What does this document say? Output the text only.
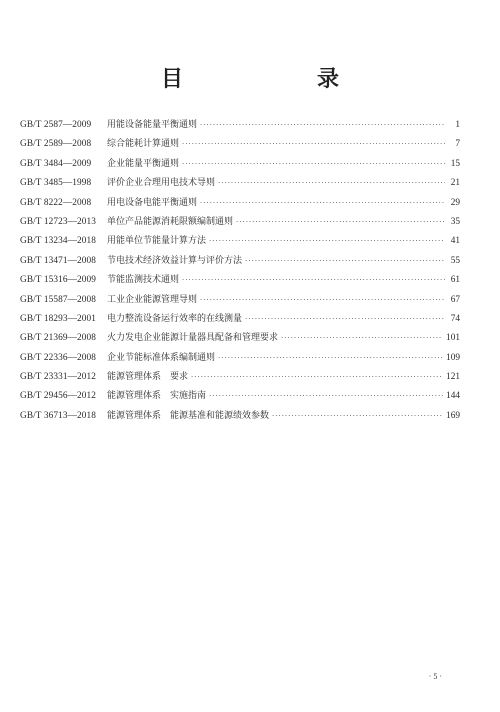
目　　录
GB/T 2587—2009	用能设备能量平衡通则 ·····	1
GB/T 2589—2008	综合能耗计算通则 ·····	7
GB/T 3484—2009	企业能量平衡通则 ·····	15
GB/T 3485—1998	评价企业合理用电技术导则 ·····	21
GB/T 8222—2008	用电设备电能平衡通则 ·····	29
GB/T 12723—2013	单位产品能源消耗限额编制通则 ·····	35
GB/T 13234—2018	用能单位节能量计算方法 ·····	41
GB/T 13471—2008	节电技术经济效益计算与评价方法 ·····	55
GB/T 15316—2009	节能监测技术通则 ·····	61
GB/T 15587—2008	工业企业能源管理导则 ·····	67
GB/T 18293—2001	电力整流设备运行效率的在线测量 ·····	74
GB/T 21369—2008	火力发电企业能源计量器具配备和管理要求 ·····	101
GB/T 22336—2008	企业节能标准体系编制通则 ·····	109
GB/T 23331—2012	能源管理体系　要求 ·····	121
GB/T 29456—2012	能源管理体系　实施指南 ·····	144
GB/T 36713—2018	能源管理体系　能源基准和能源绩效参数 ·····	169
· 5 ·
